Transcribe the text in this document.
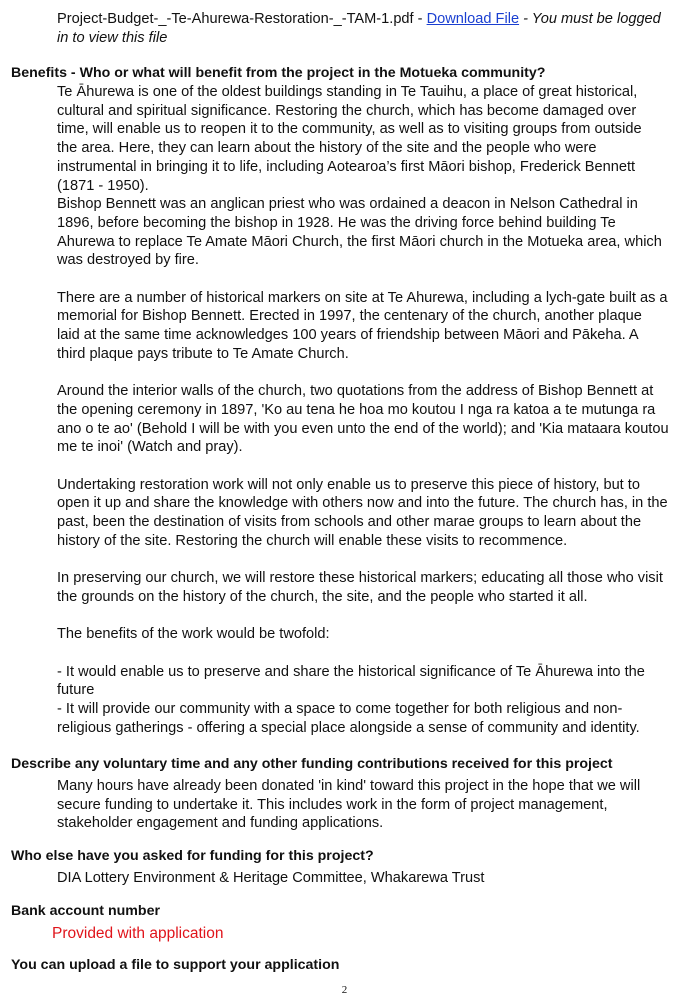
Project-Budget-_-Te-Ahurewa-Restoration-_-TAM-1.pdf - Download File - You must be logged
in to view this file
Benefits - Who or what will benefit from the project in the Motueka community?

Te Āhurewa is one of the oldest buildings standing in Te Tauihu, a place of great historical,
cultural and spiritual significance. Restoring the church, which has become damaged over
time, will enable us to reopen it to the community, as well as to visiting groups from outside
the area. Here, they can learn about the history of the site and the people who were
instrumental in bringing it to life, including Aotearoa’s first Māori bishop, Frederick Bennett
(1871 - 1950).
Bishop Bennett was an anglican priest who was ordained a deacon in Nelson Cathedral in
1896, before becoming the bishop in 1928. He was the driving force behind building Te
Ahurewa to replace Te Amate Māori Church, the first Māori church in the Motueka area, which
was destroyed by fire.

There are a number of historical markers on site at Te Ahurewa, including a lych-gate built as a
memorial for Bishop Bennett. Erected in 1997, the centenary of the church, another plaque
laid at the same time acknowledges 100 years of friendship between Māori and Pākeha. A
third plaque pays tribute to Te Amate Church.

Around the interior walls of the church, two quotations from the address of Bishop Bennett at
the opening ceremony in 1897, 'Ko au tena he hoa mo koutou I nga ra katoa a te mutunga ra
ano o te ao' (Behold I will be with you even unto the end of the world); and 'Kia mataara koutou
me te inoi' (Watch and pray).

Undertaking restoration work will not only enable us to preserve this piece of history, but to
open it up and share the knowledge with others now and into the future. The church has, in the
past, been the destination of visits from schools and other marae groups to learn about the
history of the site. Restoring the church will enable these visits to recommence.

In preserving our church, we will restore these historical markers; educating all those who visit
the grounds on the history of the church, the site, and the people who started it all.

The benefits of the work would be twofold:

- It would enable us to preserve and share the historical significance of Te Āhurewa into the
future
- It will provide our community with a space to come together for both religious and non-
religious gatherings - offering a special place alongside a sense of community and identity.

Describe any voluntary time and any other funding contributions received for this project

Many hours have already been donated 'in kind' toward this project in the hope that we will
secure funding to undertake it. This includes work in the form of project management,
stakeholder engagement and funding applications.

Who else have you asked for funding for this project?
DIA Lottery Environment & Heritage Committee, Whakarewa Trust
Bank account number
Provided with application
You can upload a file to support your application
2
